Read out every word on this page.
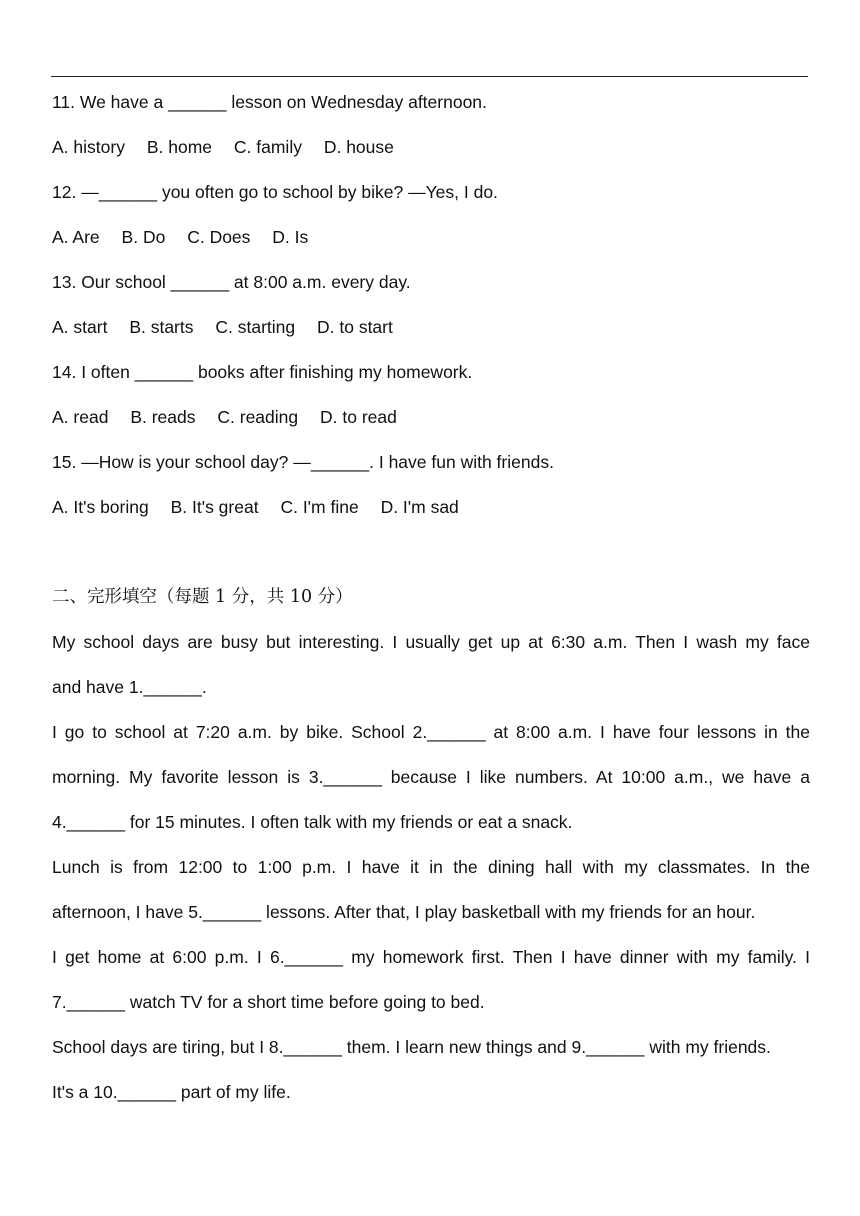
11. We have a ______ lesson on Wednesday afternoon.
A. history B. home C. family D. house
12. —______ you often go to school by bike? —Yes, I do.
A. Are B. Do C. Does D. Is
13. Our school ______ at 8:00 a.m. every day.
A. start B. starts C. starting D. to start
14. I often ______ books after finishing my homework.
A. read B. reads C. reading D. to read
15. —How is your school day? —______. I have fun with friends.
A. It's boring B. It's great C. I'm fine D. I'm sad
二、完形填空（每题 1 分，共 10 分）
My school days are busy but interesting. I usually get up at 6:30 a.m. Then I wash my face
and have 1.______.
I go to school at 7:20 a.m. by bike. School 2.______ at 8:00 a.m. I have four lessons in the
morning. My favorite lesson is 3.______ because I like numbers. At 10:00 a.m., we have a
4.______ for 15 minutes. I often talk with my friends or eat a snack.
Lunch is from 12:00 to 1:00 p.m. I have it in the dining hall with my classmates. In the
afternoon, I have 5.______ lessons. After that, I play basketball with my friends for an hour.
I get home at 6:00 p.m. I 6.______ my homework first. Then I have dinner with my family. I
7.______ watch TV for a short time before going to bed.
School days are tiring, but I 8.______ them. I learn new things and 9.______ with my friends.
It's a 10.______ part of my life.
